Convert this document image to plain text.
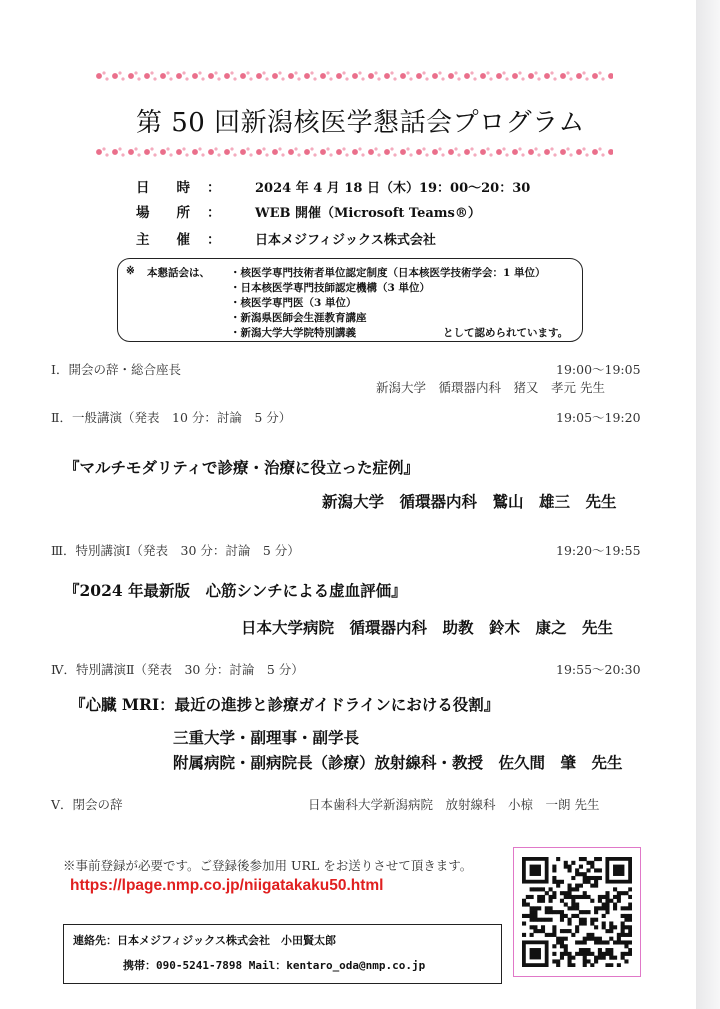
第 50 回新潟核医学懇話会プログラム
日　　時 ：	2024 年 4 月 18 日（木）19：00〜20：30
場　　所 ：	WEB 開催（Microsoft Teams®）
主　　催 ：	日本メジフィジックス株式会社
※ 本懇話会は、 ・核医学専門技術者単位認定制度（日本核医学技術学会：1 単位）
・日本核医学専門技師認定機構（3 単位）
・核医学専門医（3 単位）
・新潟県医師会生涯教育講座
・新潟大学大学院特別講義	として認められています。
Ⅰ．開会の辞・総合座長	19:00〜19:05
新潟大学　循環器内科　猪又　孝元 先生
Ⅱ．一般講演（発表　10 分：討論　5 分）	19:05〜19:20
『マルチモダリティで診療・治療に役立った症例』
新潟大学　循環器内科　鷲山　雄三　先生
Ⅲ．特別講演Ⅰ（発表　30 分：討論　5 分）	19:20〜19:55
『2024 年最新版　心筋シンチによる虚血評価』
日本大学病院　循環器内科　助教　鈴木　康之　先生
Ⅳ．特別講演Ⅱ（発表　30 分：討論　5 分）	19:55〜20:30
『心臓 MRI：最近の進捗と診療ガイドラインにおける役割』
三重大学・副理事・副学長
附属病院・副病院長（診療）放射線科・教授　佐久間　肇　先生
Ⅴ．閉会の辞	日本歯科大学新潟病院　放射線科　小椋　一朗 先生
※事前登録が必要です。ご登録後参加用 URL をお送りさせて頂きます。
https://lpage.nmp.co.jp/niigatakaku50.html
連絡先：日本メジフィジックス株式会社　小田賢太郎
携帯：090-5241-7898 Mail：kentaro_oda@nmp.co.jp
